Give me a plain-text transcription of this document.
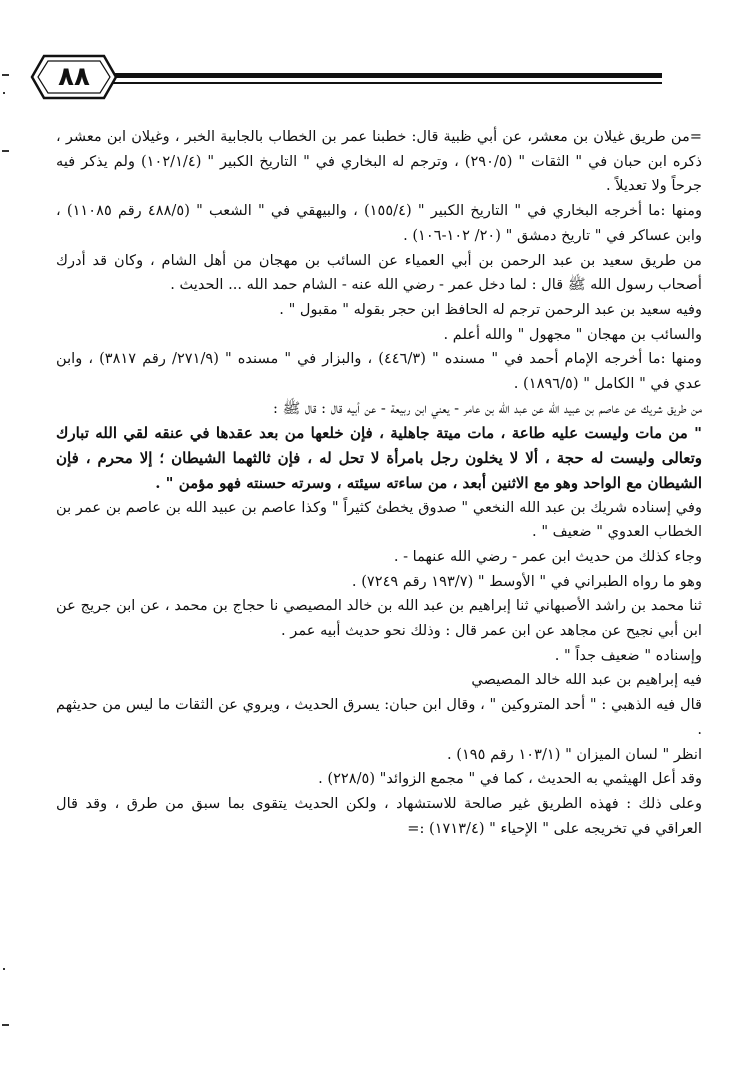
٨٨

=من طريق غيلان بن معشر، عن أبي ظبية قال: خطبنا عمر بن الخطاب بالجابية الخبر ، وغيلان ابن معشر ، ذكره ابن حبان في " الثقات " (٢٩٠/٥) ، وترجم له البخاري في " التاريخ الكبير " (١٠٢/١/٤) ولم يذكر فيه جرحاً ولا تعديلاً .

ومنها :ما أخرجه البخاري في " التاريخ الكبير " (١٥٥/٤) ، والبيهقي في " الشعب " (٤٨٨/٥ رقم ١١٠٨٥) ، وابن عساكر في " تاريخ دمشق " (٢٠/ ١٠٢-١٠٦) .

من طريق سعيد بن عبد الرحمن بن أبي العمياء عن السائب بن مهجان من أهل الشام ، وكان قد أدرك أصحاب رسول الله ﷺ قال : لما دخل عمر - رضي الله عنه - الشام حمد الله ... الحديث .

وفيه سعيد بن عبد الرحمن ترجم له الحافظ ابن حجر بقوله " مقبول " .

والسائب بن مهجان " مجهول " والله أعلم .

ومنها :ما أخرجه الإمام أحمد في " مسنده " (٤٤٦/٣) ، والبزار في " مسنده " (٢٧١/٩/ رقم ٣٨١٧) ، وابن عدي في " الكامل " (١٨٩٦/٥) .

من طريق شريك عن عاصم بن عبيد الله عن عبد الله بن عامر - يعني ابن ربيعة - عن أبيه قال : قال ﷺ :

" من مات وليست عليه طاعة ، مات ميتة جاهلية ، فإن خلعها من بعد عقدها في عنقه لقي الله تبارك وتعالى وليست له حجة ، ألا لا يخلون رجل بامرأة لا تحل له ، فإن ثالثهما الشيطان ؛ إلا محرم ، فإن الشيطان مع الواحد وهو مع الاثنين أبعد ، من ساءته سيئته ، وسرته حسنته فهو مؤمن " .

وفي إسناده شريك بن عبد الله النخعي " صدوق يخطئ كثيراً " وكذا عاصم بن عبيد الله بن عاصم بن عمر بن الخطاب العدوي " ضعيف " .

وجاء كذلك من حديث ابن عمر - رضي الله عنهما - .

وهو ما رواه الطبراني في " الأوسط " (١٩٣/٧ رقم ٧٢٤٩) .

ثنا محمد بن راشد الأصبهاني ثنا إبراهيم بن عبد الله بن خالد المصيصي نا حجاج بن محمد ، عن ابن جريج عن ابن أبي نجيح عن مجاهد عن ابن عمر قال : وذلك نحو حديث أبيه عمر .

وإسناده " ضعيف جداً " .

فيه إبراهيم بن عبد الله خالد المصيصي

قال فيه الذهبي : " أحد المتروكين " ، وقال ابن حبان: يسرق الحديث ، ويروي عن الثقات ما ليس من حديثهم .

انظر " لسان الميزان " (١٠٣/١ رقم ١٩٥) .

وقد أعل الهيثمي به الحديث ، كما في " مجمع الزوائد" (٢٢٨/٥) .

وعلى ذلك : فهذه الطريق غير صالحة للاستشهاد ، ولكن الحديث يتقوى بما سبق من طرق ، وقد قال العراقي في تخريجه على " الإحياء " (١٧١٣/٤) :=
